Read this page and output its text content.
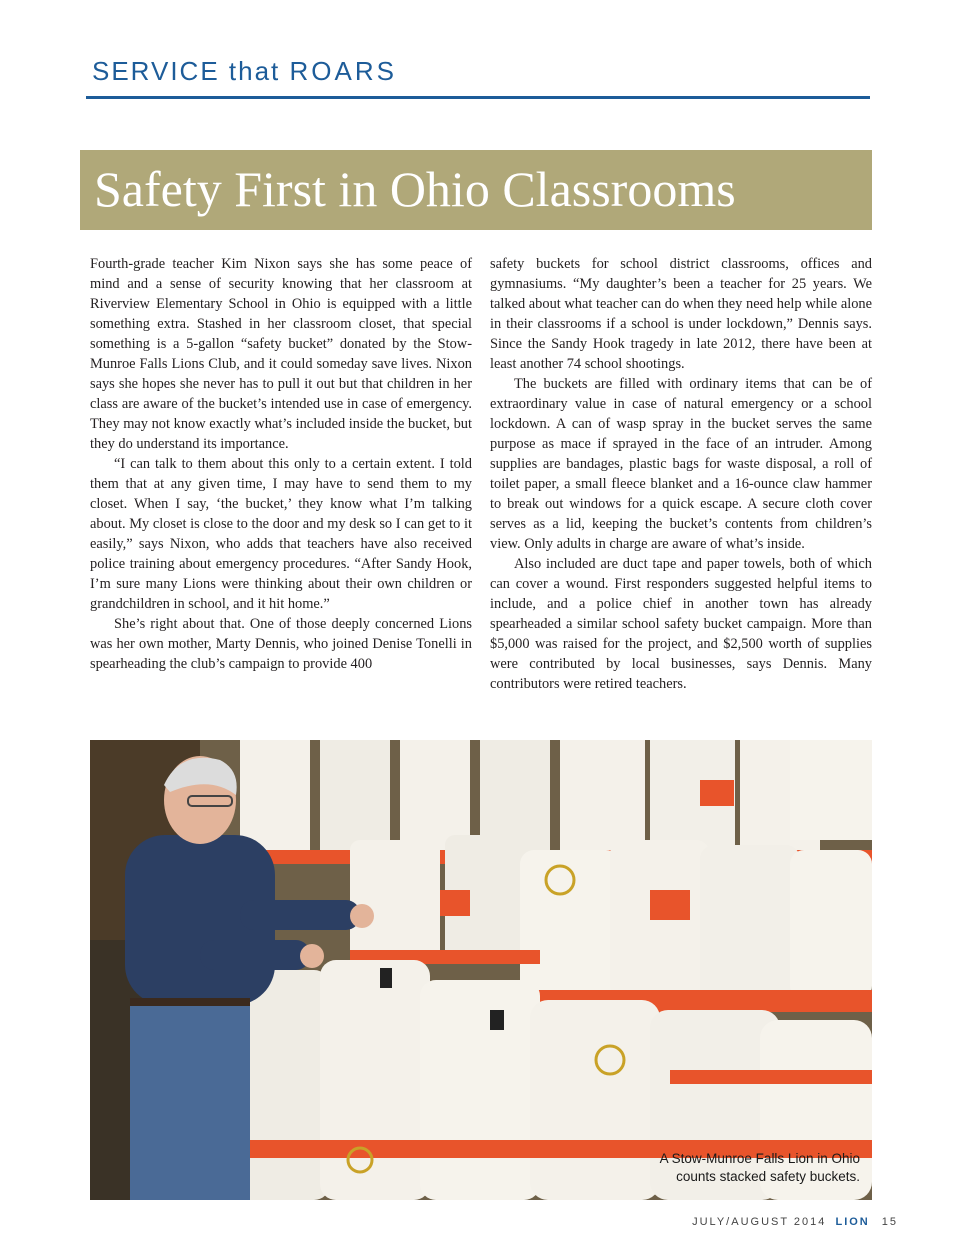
SERVICE that ROARS
Safety First in Ohio Classrooms

Fourth-grade teacher Kim Nixon says she has some peace of mind and a sense of security knowing that her classroom at Riverview Elementary School in Ohio is equipped with a little something extra. Stashed in her classroom closet, that special something is a 5-gallon “safety bucket” donated by the Stow-Munroe Falls Lions Club, and it could someday save lives. Nixon says she hopes she never has to pull it out but that children in her class are aware of the bucket’s intended use in case of emergency. They may not know exactly what’s included inside the bucket, but they do understand its importance.

“I can talk to them about this only to a certain extent. I told them that at any given time, I may have to send them to my closet. When I say, ‘the bucket,’ they know what I’m talking about. My closet is close to the door and my desk so I can get to it easily,” says Nixon, who adds that teachers have also received police training about emergency procedures. “After Sandy Hook, I’m sure many Lions were thinking about their own children or grandchildren in school, and it hit home.”

She’s right about that. One of those deeply concerned Lions was her own mother, Marty Dennis, who joined Denise Tonelli in spearheading the club’s campaign to provide 400

safety buckets for school district classrooms, offices and gymnasiums. “My daughter’s been a teacher for 25 years. We talked about what teacher can do when they need help while alone in their classrooms if a school is under lockdown,” Dennis says. Since the Sandy Hook tragedy in late 2012, there have been at least another 74 school shootings.

The buckets are filled with ordinary items that can be of extraordinary value in case of natural emergency or a school lockdown. A can of wasp spray in the bucket serves the same purpose as mace if sprayed in the face of an intruder. Among supplies are bandages, plastic bags for waste disposal, a roll of toilet paper, a small fleece blanket and a 16-ounce claw hammer to break out windows for a quick escape. A secure cloth cover serves as a lid, keeping the bucket’s contents from children’s view. Only adults in charge are aware of what’s inside.

Also included are duct tape and paper towels, both of which can cover a wound. First responders suggested helpful items to include, and a police chief in another town has already spearheaded a similar school safety bucket campaign. More than $5,000 was raised for the project, and $2,500 worth of supplies were contributed by local businesses, says Dennis. Many contributors were retired teachers.

A Stow-Munroe Falls Lion in Ohio
counts stacked safety buckets.
JULY/AUGUST 2014 LION 15
